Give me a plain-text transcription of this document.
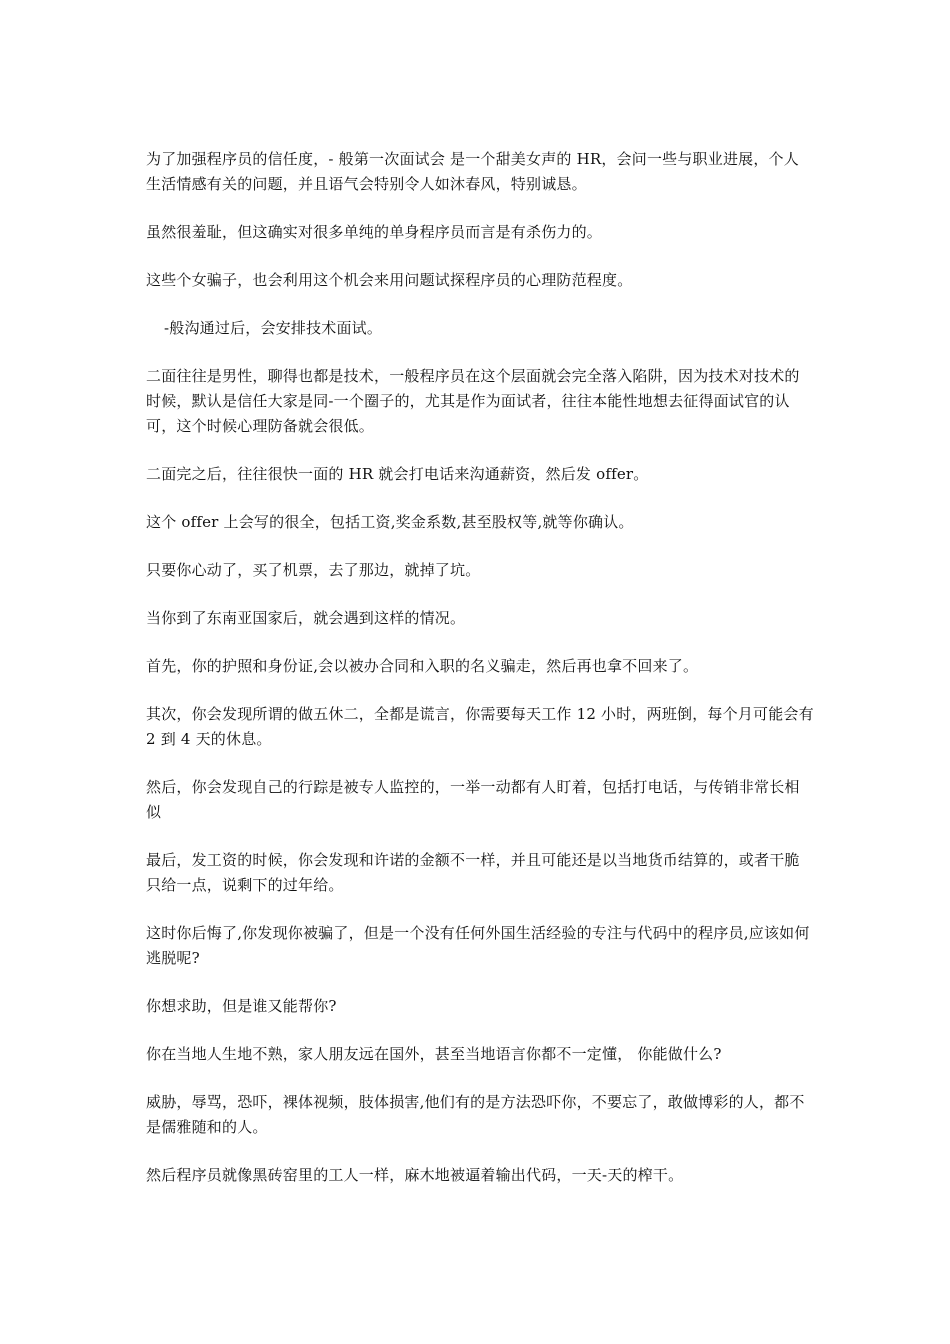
为了加强程序员的信任度，- 般第一次面试会 是一个甜美女声的 HR，会问一些与职业进展，个人生活情感有关的问题，并且语气会特别令人如沐春风，特别诚恳。

虽然很羞耻，但这确实对很多单纯的单身程序员而言是有杀伤力的。

这些个女骗子，也会利用这个机会来用问题试探程序员的心理防范程度。

-般沟通过后，会安排技术面试。

二面往往是男性，聊得也都是技术，一般程序员在这个层面就会完全落入陷阱，因为技术对技术的时候，默认是信任大家是同-一个圈子的，尤其是作为面试者，往往本能性地想去征得面试官的认可，这个时候心理防备就会很低。

二面完之后，往往很快一面的 HR 就会打电话来沟通薪资，然后发 offer。

这个 offer 上会写的很全，包括工资,奖金系数,甚至股权等,就等你确认。

只要你心动了，买了机票，去了那边，就掉了坑。

当你到了东南亚国家后，就会遇到这样的情况。

首先，你的护照和身份证,会以被办合同和入职的名义骗走，然后再也拿不回来了。

其次，你会发现所谓的做五休二，全都是谎言，你需要每天工作 12 小时，两班倒，每个月可能会有 2 到 4 天的休息。

然后，你会发现自己的行踪是被专人监控的，一举一动都有人盯着，包括打电话，与传销非常长相似

最后，发工资的时候，你会发现和许诺的金额不一样，并且可能还是以当地货币结算的，或者干脆只给一点，说剩下的过年给。

这时你后悔了,你发现你被骗了，但是一个没有任何外国生活经验的专注与代码中的程序员,应该如何逃脱呢?

你想求助，但是谁又能帮你?

你在当地人生地不熟，家人朋友远在国外，甚至当地语言你都不一定懂， 你能做什么?

威胁，辱骂，恐吓，裸体视频，肢体损害,他们有的是方法恐吓你，不要忘了，敢做博彩的人，都不是儒雅随和的人。

然后程序员就像黑砖窑里的工人一样，麻木地被逼着输出代码，一天-天的榨干。
